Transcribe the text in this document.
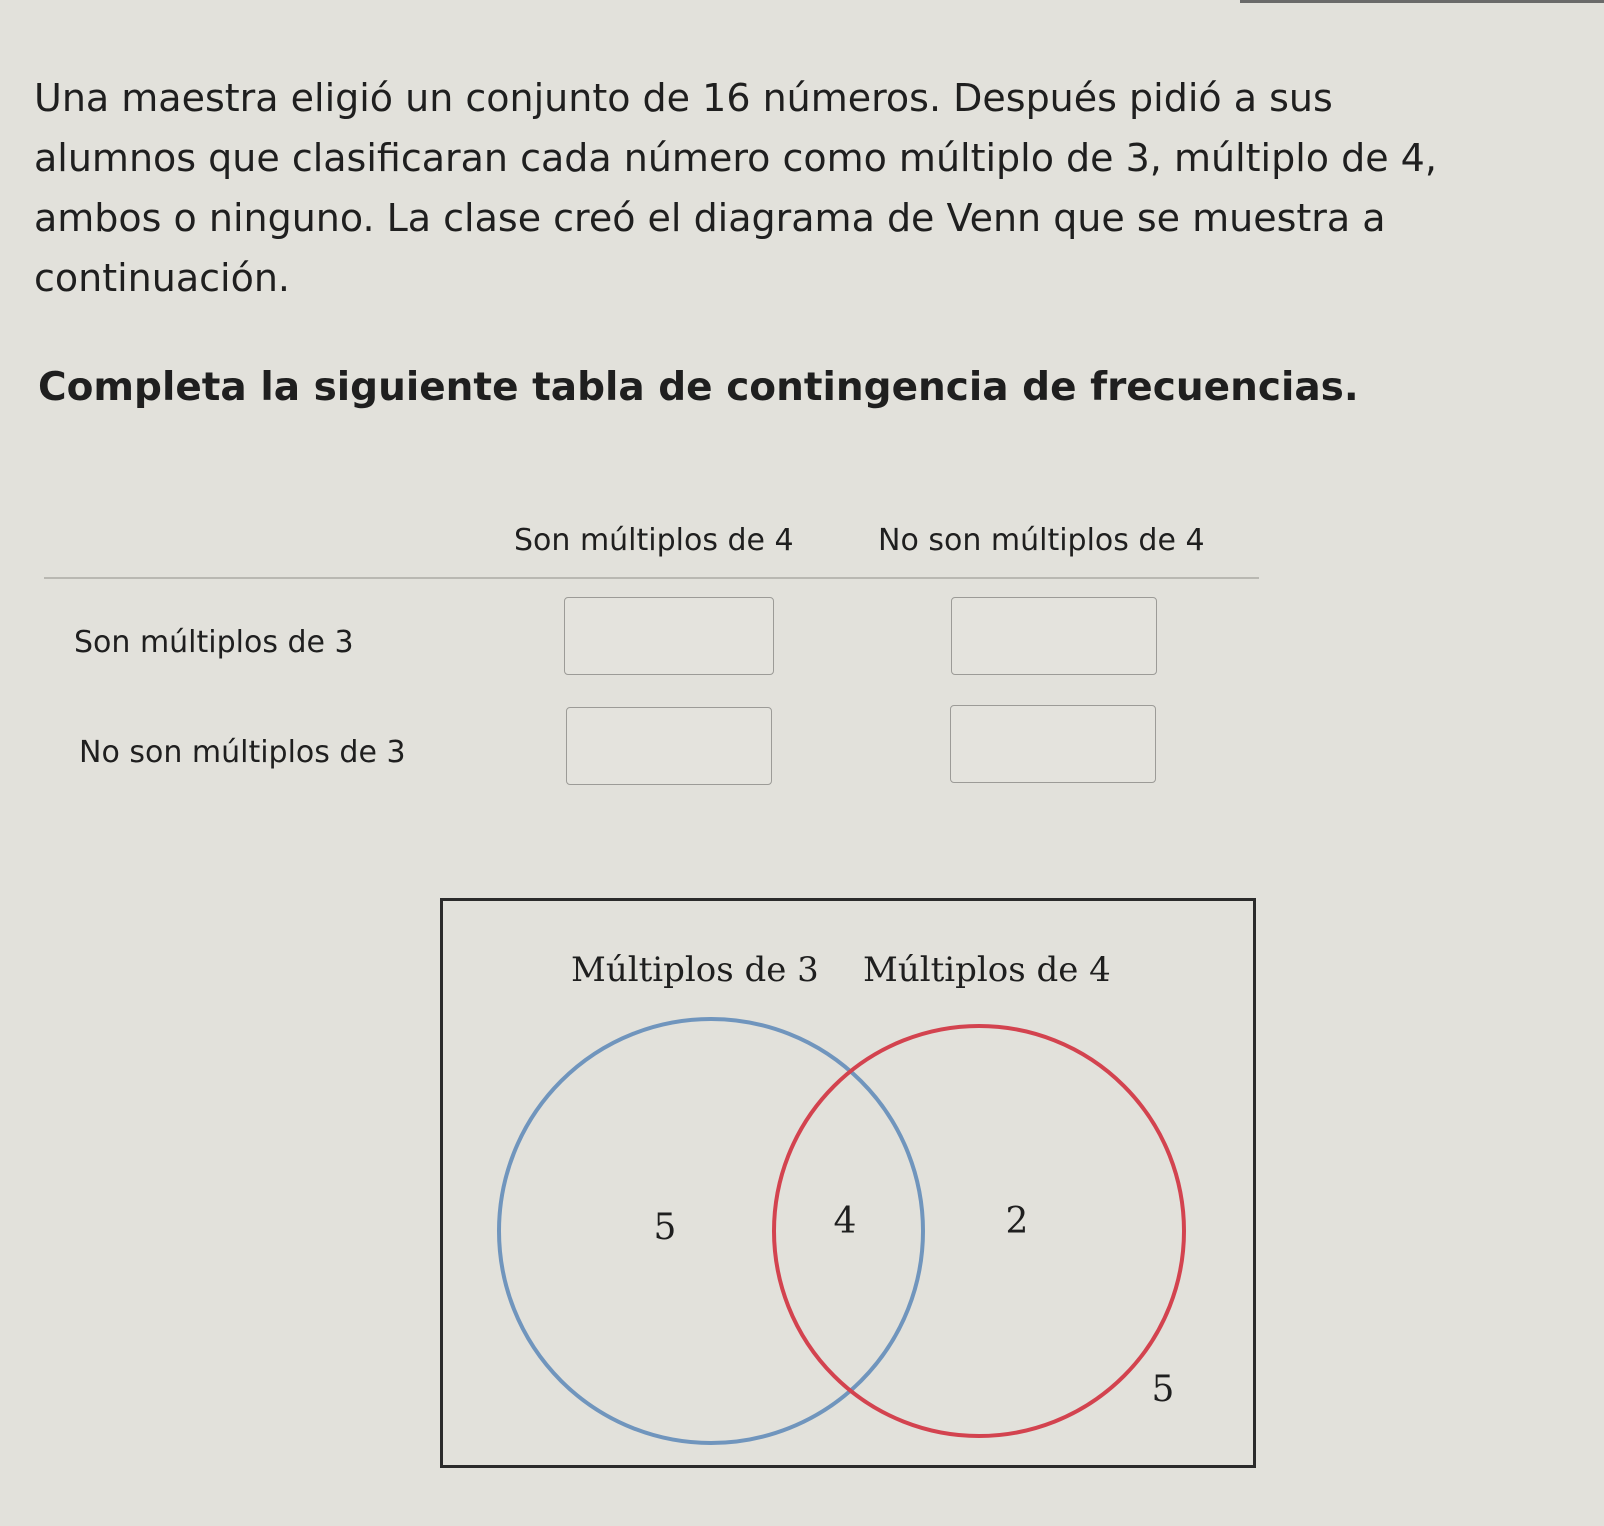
Una maestra eligió un conjunto de 16 números. Después pidió a sus
alumnos que clasificaran cada número como múltiplo de 3, múltiplo de 4,
ambos o ninguno. La clase creó el diagrama de Venn que se muestra a
continuación.

Completa la siguiente tabla de contingencia de frecuencias.
Son múltiplos de 4	No son múltiplos de 4
Son múltiplos de 3
No son múltiplos de 3
Múltiplos de 3 Múltiplos de 4
5	4	2
5
